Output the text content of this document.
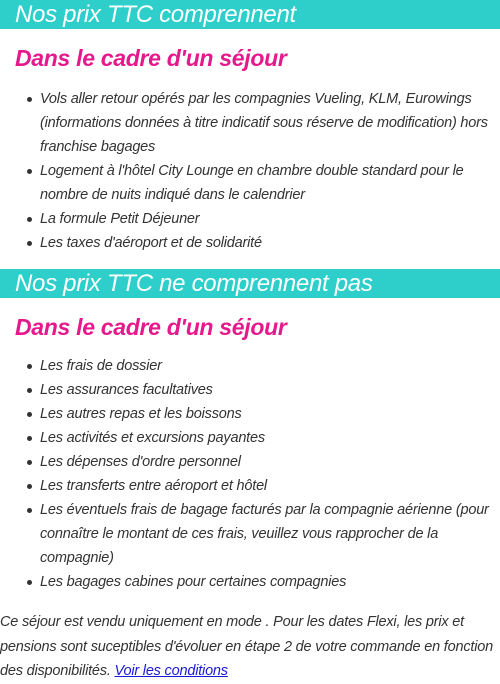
Nos prix TTC comprennent
Dans le cadre d'un séjour
Vols aller retour opérés par les compagnies Vueling, KLM, Eurowings (informations données à titre indicatif sous réserve de modification) hors franchise bagages
Logement à l'hôtel City Lounge en chambre double standard pour le nombre de nuits indiqué dans le calendrier
La formule Petit Déjeuner
Les taxes d'aéroport et de solidarité
Nos prix TTC ne comprennent pas
Dans le cadre d'un séjour
Les frais de dossier
Les assurances facultatives
Les autres repas et les boissons
Les activités et excursions payantes
Les dépenses d'ordre personnel
Les transferts entre aéroport et hôtel
Les éventuels frais de bagage facturés par la compagnie aérienne (pour connaître le montant de ces frais, veuillez vous rapprocher de la compagnie)
Les bagages cabines pour certaines compagnies

Ce séjour est vendu uniquement en mode . Pour les dates Flexi, les prix et pensions sont suceptibles d'évoluer en étape 2 de votre commande en fonction des disponibilités. Voir les conditions
